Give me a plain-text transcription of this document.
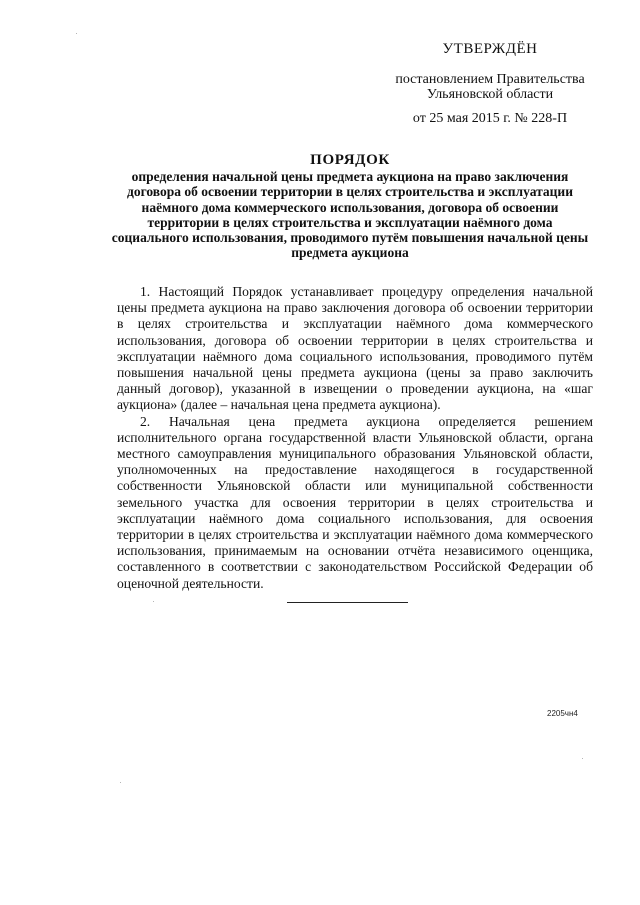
УТВЕРЖДЁН
постановлением Правительства
Ульяновской области
от 25 мая 2015 г. № 228-П
ПОРЯДОК
определения начальной цены предмета аукциона на право заключения договора об освоении территории в целях строительства и эксплуатации наёмного дома коммерческого использования, договора об освоении территории в целях строительства и эксплуатации наёмного дома социального использования, проводимого путём повышения начальной цены предмета аукциона

1. Настоящий Порядок устанавливает процедуру определения начальной цены предмета аукциона на право заключения договора об освоении территории в целях строительства и эксплуатации наёмного дома коммерческого использования, договора об освоении территории в целях строительства и эксплуатации наёмного дома социального использования, проводимого путём повышения начальной цены предмета аукциона (цены за право заключить данный договор), указанной в извещении о проведении аукциона, на «шаг аукциона» (далее – начальная цена предмета аукциона).

2. Начальная цена предмета аукциона определяется решением исполнительного органа государственной власти Ульяновской области, органа местного самоуправления муниципального образования Ульяновской области, уполномоченных на предоставление находящегося в государственной собственности Ульяновской области или муниципальной собственности земельного участка для освоения территории в целях строительства и эксплуатации наёмного дома социального использования, для освоения территории в целях строительства и эксплуатации наёмного дома коммерческого использования, принимаемым на основании отчёта независимого оценщика, составленного в соответствии с законодательством Российской Федерации об оценочной деятельности.

2205чн4
